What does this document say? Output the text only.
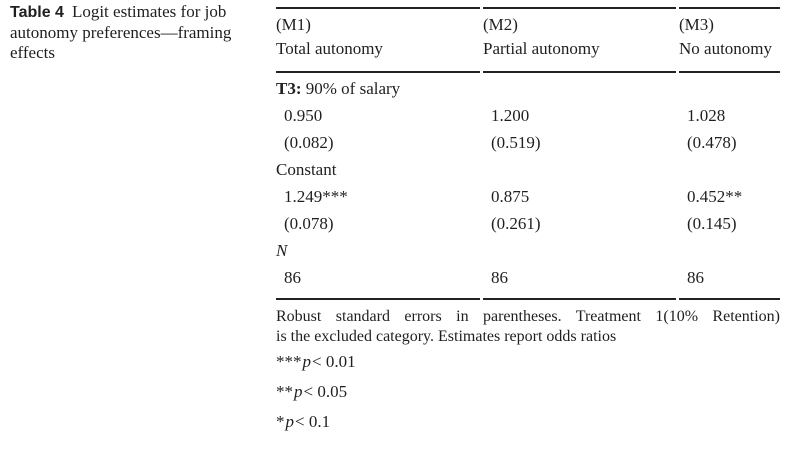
Table 4 Logit estimates for job autonomy preferences—framing effects
(M1)	(M2)	(M3)
Total autonomy	Partial autonomy	No autonomy
T3: 90% of salary
0.950	1.200	1.028
(0.082)	(0.519)	(0.478)
Constant
1.249***	0.875	0.452**
(0.078)	(0.261)	(0.145)
N
86	86	86
Robust standard errors in parentheses. Treatment 1(10% Retention)
is the excluded category. Estimates report odds ratios
***p< 0.01
**p< 0.05
*p< 0.1
